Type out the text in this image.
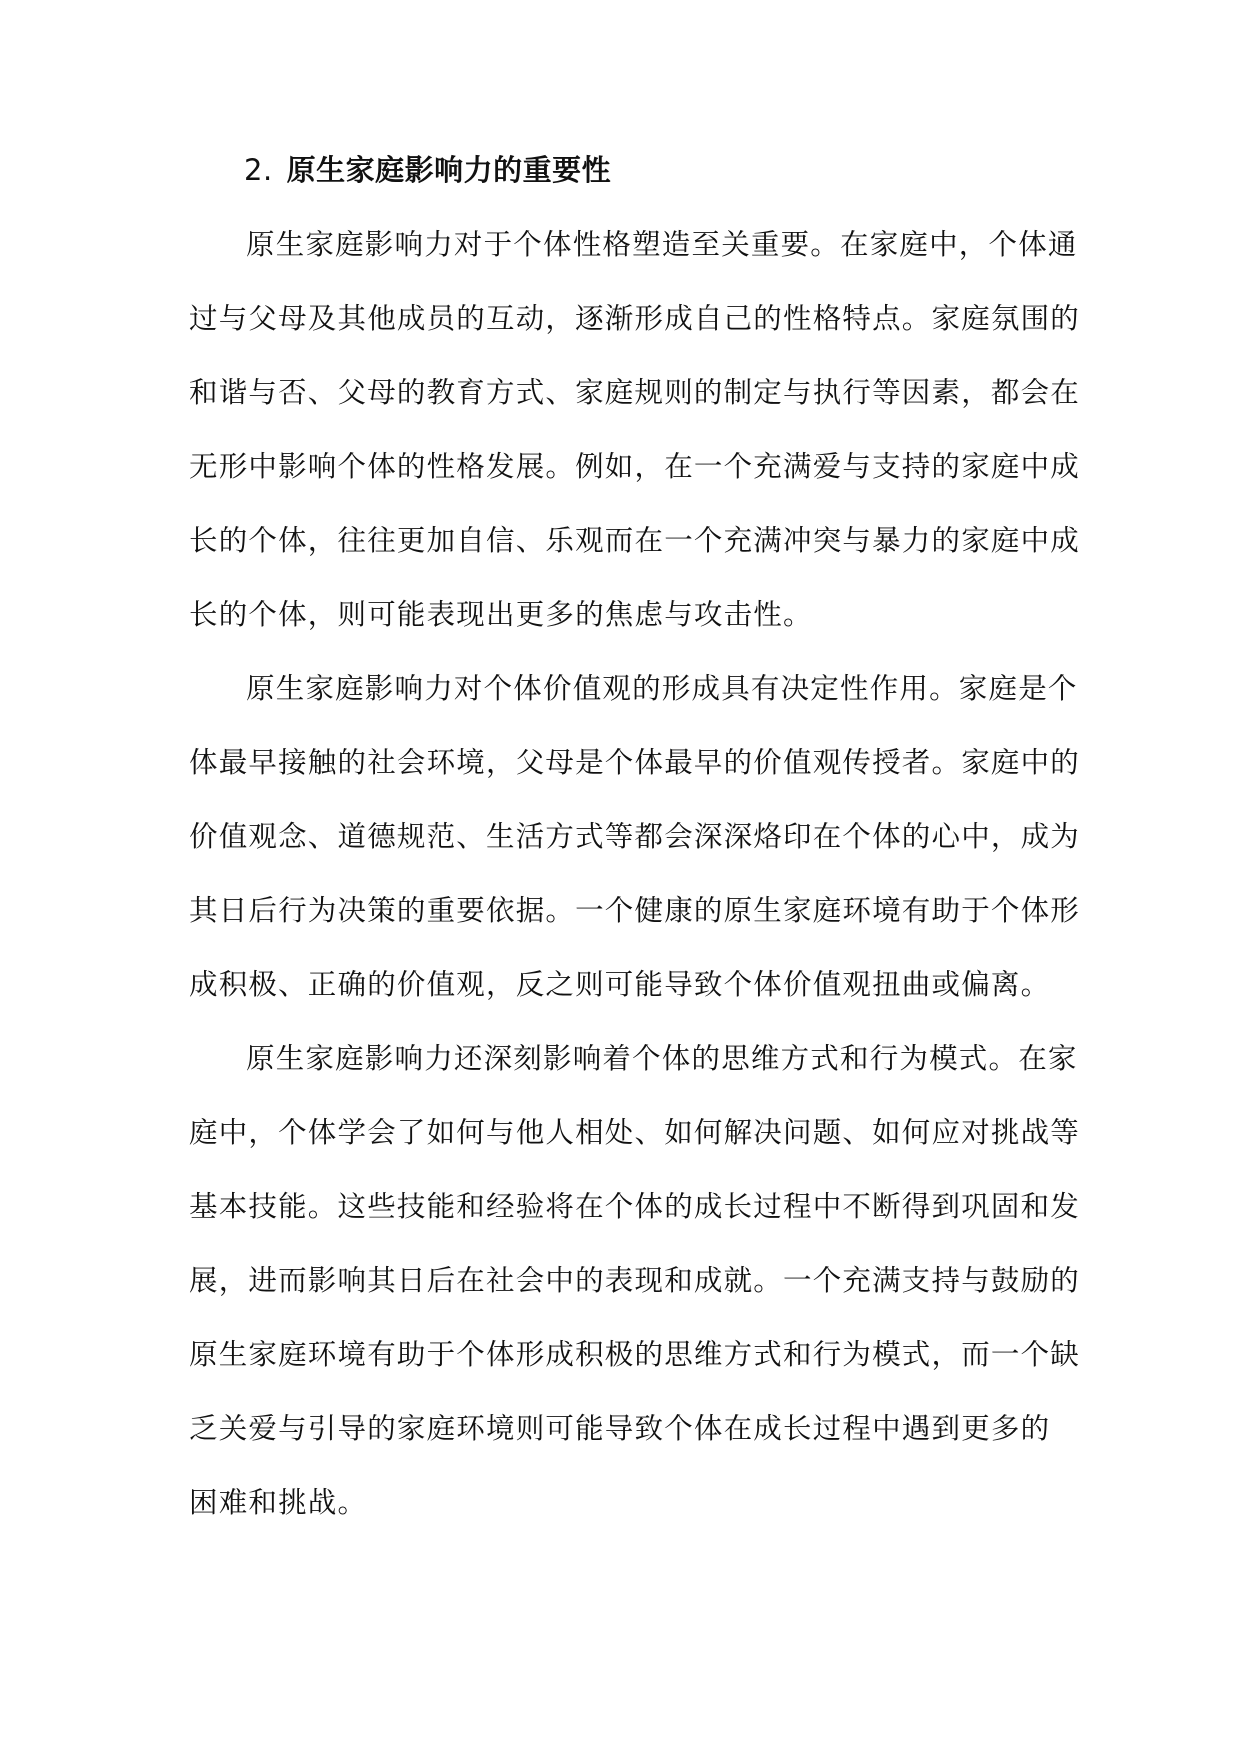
2. 原生家庭影响力的重要性

原生家庭影响力对于个体性格塑造至关重要。在家庭中，个体通

过与父母及其他成员的互动，逐渐形成自己的性格特点。家庭氛围的

和谐与否、父母的教育方式、家庭规则的制定与执行等因素，都会在

无形中影响个体的性格发展。例如，在一个充满爱与支持的家庭中成

长的个体，往往更加自信、乐观而在一个充满冲突与暴力的家庭中成

长的个体，则可能表现出更多的焦虑与攻击性。

原生家庭影响力对个体价值观的形成具有决定性作用。家庭是个

体最早接触的社会环境，父母是个体最早的价值观传授者。家庭中的

价值观念、道德规范、生活方式等都会深深烙印在个体的心中，成为

其日后行为决策的重要依据。一个健康的原生家庭环境有助于个体形

成积极、正确的价值观，反之则可能导致个体价值观扭曲或偏离。

原生家庭影响力还深刻影响着个体的思维方式和行为模式。在家

庭中，个体学会了如何与他人相处、如何解决问题、如何应对挑战等

基本技能。这些技能和经验将在个体的成长过程中不断得到巩固和发

展，进而影响其日后在社会中的表现和成就。一个充满支持与鼓励的

原生家庭环境有助于个体形成积极的思维方式和行为模式，而一个缺

乏关爱与引导的家庭环境则可能导致个体在成长过程中遇到更多的

困难和挑战。
